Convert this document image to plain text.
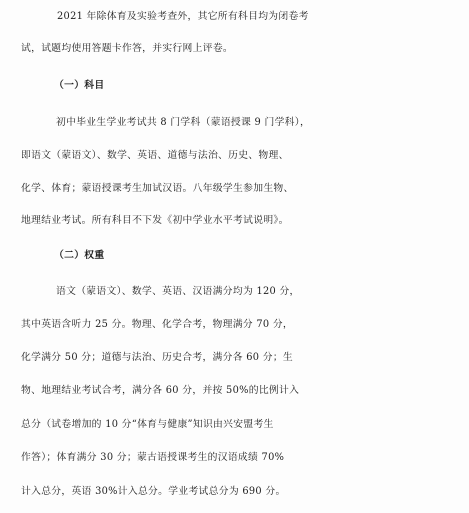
2021 年除体育及实验考查外，其它所有科目均为闭卷考
试，试题均使用答题卡作答，并实行网上评卷。
（一）科目
初中毕业生学业考试共 8 门学科（蒙语授课 9 门学科），
即语文（蒙语文）、数学、英语、道德与法治、历史、物理、
化学、体育；蒙语授课考生加试汉语。八年级学生参加生物、
地理结业考试。所有科目不下发《初中学业水平考试说明》。
（二）权重
语文（蒙语文）、数学、英语、汉语满分均为 120 分，
其中英语含听力 25 分。物理、化学合考，物理满分 70 分，
化学满分 50 分；道德与法治、历史合考，满分各 60 分；生
物、地理结业考试合考，满分各 60 分，并按 50%的比例计入
总分（试卷增加的 10 分“体育与健康”知识由兴安盟考生
作答）；体育满分 30 分；蒙古语授课考生的汉语成绩 70%
计入总分，英语 30%计入总分。学业考试总分为 690 分。
